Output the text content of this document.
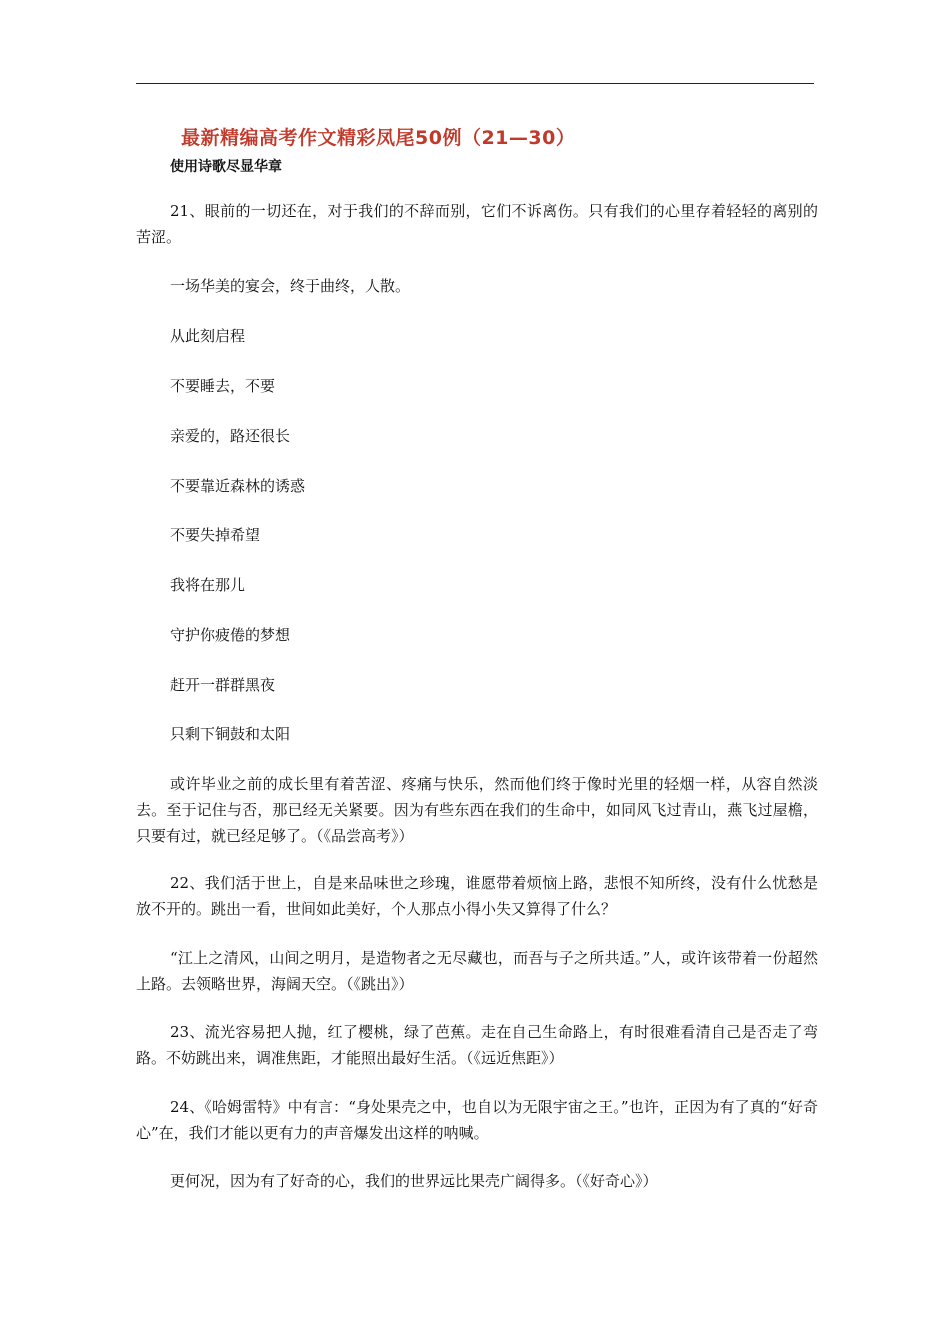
最新精编高考作文精彩凤尾50例（21—30）
使用诗歌尽显华章

21、眼前的一切还在，对于我们的不辞而别，它们不诉离伤。只有我们的心里存着轻轻的离别的苦涩。

一场华美的宴会，终于曲终，人散。

从此刻启程

不要睡去，不要

亲爱的，路还很长

不要靠近森林的诱惑

不要失掉希望

我将在那儿

守护你疲倦的梦想

赶开一群群黑夜

只剩下铜鼓和太阳

或许毕业之前的成长里有着苦涩、疼痛与快乐，然而他们终于像时光里的轻烟一样，从容自然淡去。至于记住与否，那已经无关紧要。因为有些东西在我们的生命中，如同风飞过青山，燕飞过屋檐，只要有过，就已经足够了。（《品尝高考》）

22、我们活于世上，自是来品味世之珍瑰，谁愿带着烦恼上路，悲恨不知所终，没有什么忧愁是放不开的。跳出一看，世间如此美好，个人那点小得小失又算得了什么？

“江上之清风，山间之明月，是造物者之无尽藏也，而吾与子之所共适。”人，或许该带着一份超然上路。去领略世界，海阔天空。（《跳出》）

23、流光容易把人抛，红了樱桃，绿了芭蕉。走在自己生命路上，有时很难看清自己是否走了弯路。不妨跳出来，调准焦距，才能照出最好生活。（《远近焦距》）

24、《哈姆雷特》中有言：“身处果壳之中，也自以为无限宇宙之王。”也许，正因为有了真的“好奇心”在，我们才能以更有力的声音爆发出这样的呐喊。

更何况，因为有了好奇的心，我们的世界远比果壳广阔得多。（《好奇心》）
